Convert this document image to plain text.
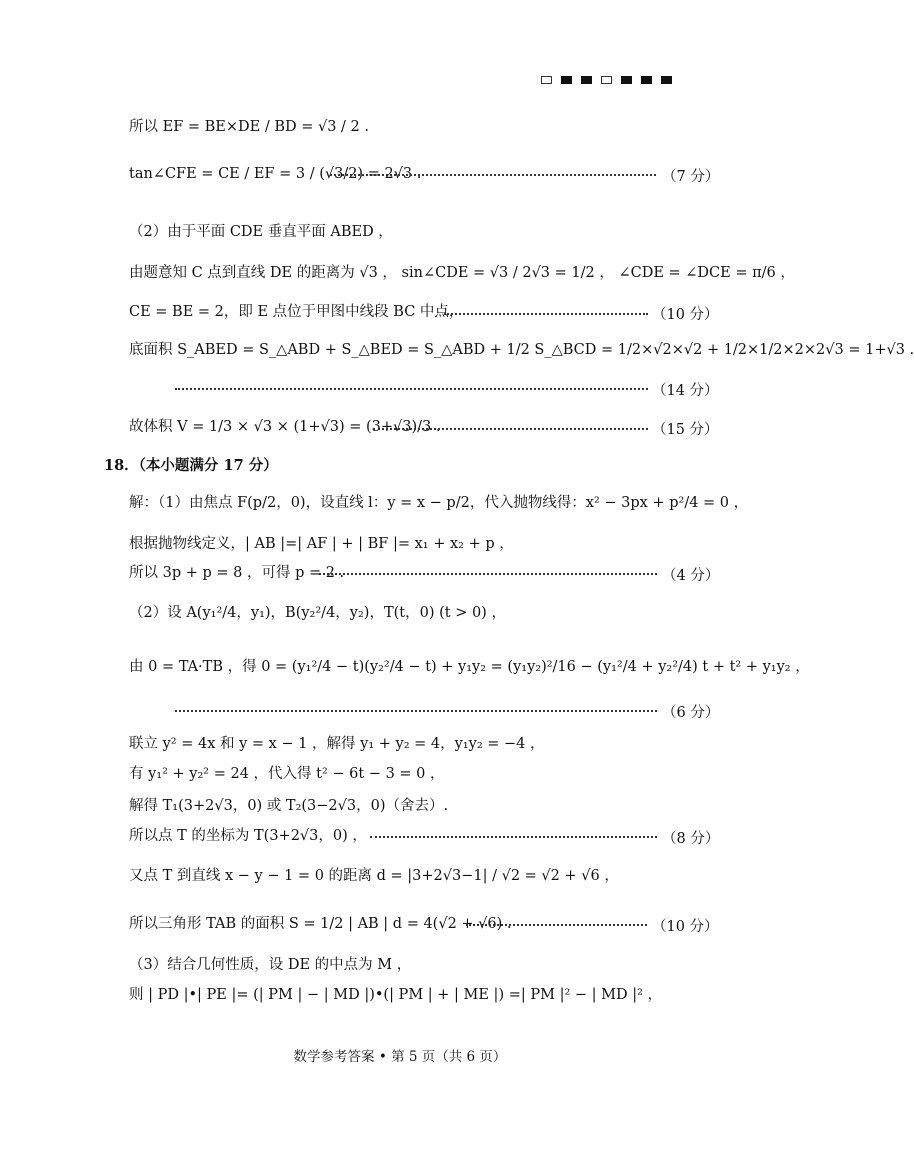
所以 EF = BE×DE / BD = √3 / 2 .
tan∠CFE = CE / EF = 3 / (√3/2) = 2√3 .	（7 分）
（2）由于平面 CDE 垂直平面 ABED ，
由题意知 C 点到直线 DE 的距离为 √3 ， sin∠CDE = √3 / 2√3 = 1/2 ， ∠CDE = ∠DCE = π/6 ，
CE = BE = 2，即 E 点位于甲图中线段 BC 中点，	（10 分）
底面积 S_ABED = S_△ABD + S_△BED = S_△ABD + 1/2 S_△BCD = 1/2×√2×√2 + 1/2×1/2×2×2√3 = 1+√3 .
（14 分）
故体积 V = 1/3 × √3 × (1+√3) = (3+√3)/3 .	（15 分）
18．（本小题满分 17 分）
解：（1）由焦点 F(p/2，0)，设直线 l：y = x − p/2，代入抛物线得：x² − 3px + p²/4 = 0 ，
根据抛物线定义，| AB |=| AF | + | BF |= x₁ + x₂ + p ，
所以 3p + p = 8 ，可得 p = 2 .	（4 分）
（2）设 A(y₁²/4，y₁)，B(y₂²/4，y₂)，T(t，0) (t > 0) ，
由 0 = TA·TB ，得 0 = (y₁²/4 − t)(y₂²/4 − t) + y₁y₂ = (y₁y₂)²/16 − (y₁²/4 + y₂²/4) t + t² + y₁y₂ ，
（6 分）
联立 y² = 4x 和 y = x − 1 ，解得 y₁ + y₂ = 4，y₁y₂ = −4 ，
有 y₁² + y₂² = 24 ，代入得 t² − 6t − 3 = 0 ，
解得 T₁(3+2√3，0) 或 T₂(3−2√3，0)（舍去）.
所以点 T 的坐标为 T(3+2√3，0) ，	（8 分）
又点 T 到直线 x − y − 1 = 0 的距离 d = |3+2√3−1| / √2 = √2 + √6 ，
所以三角形 TAB 的面积 S = 1/2 | AB | d = 4(√2 + √6) .	（10 分）
（3）结合几何性质，设 DE 的中点为 M ，
则 | PD |•| PE |= (| PM | − | MD |)•(| PM | + | ME |) =| PM |² − | MD |² ，
数学参考答案 • 第 5 页（共 6 页）
